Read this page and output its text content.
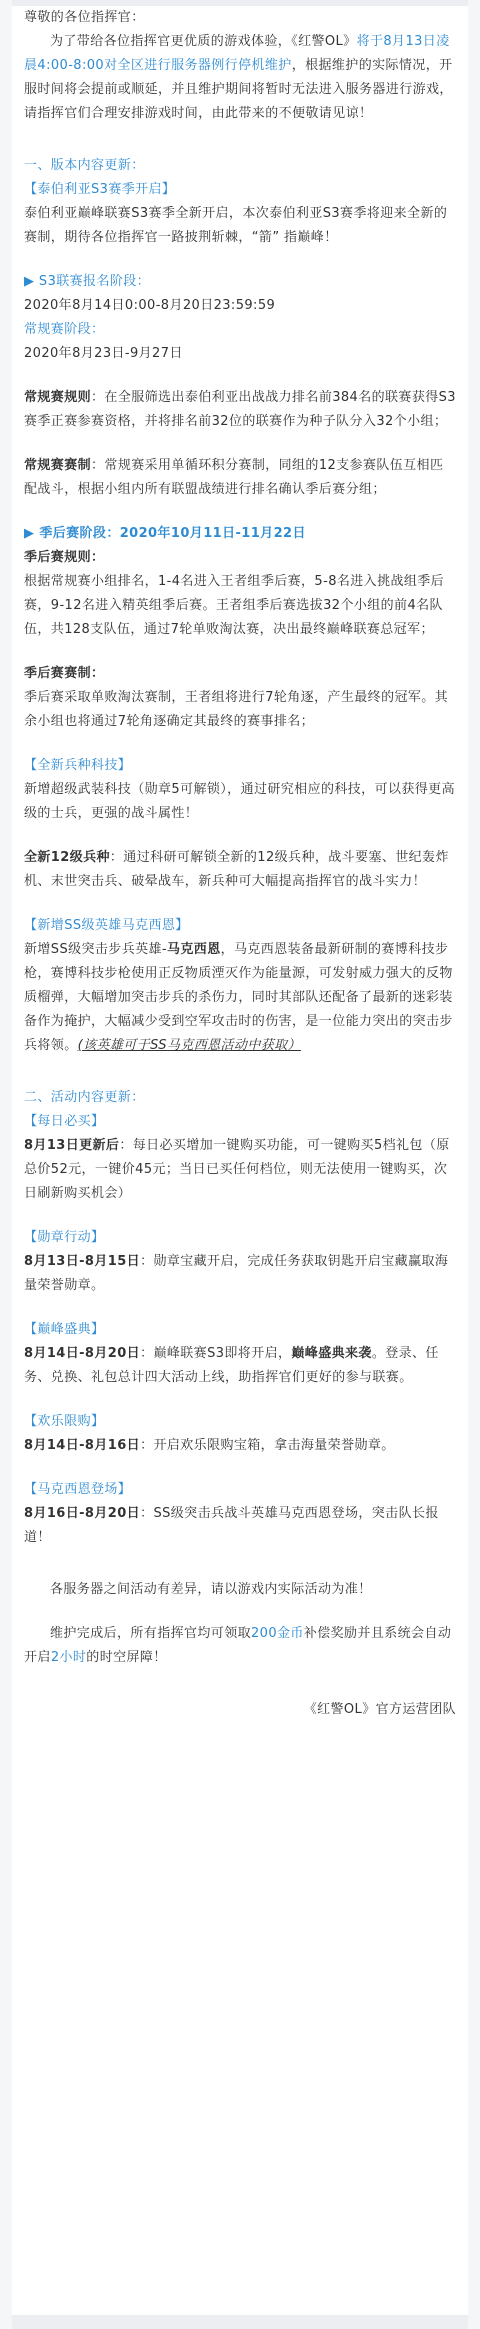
尊敬的各位指挥官：

为了带给各位指挥官更优质的游戏体验，《红警OL》将于8月13日凌晨4:00-8:00对全区进行服务器例行停机维护，根据维护的实际情况，开服时间将会提前或顺延，并且维护期间将暂时无法进入服务器进行游戏，请指挥官们合理安排游戏时间，由此带来的不便敬请见谅！

一、版本内容更新：

【泰伯利亚S3赛季开启】

泰伯利亚巅峰联赛S3赛季全新开启，本次泰伯利亚S3赛季将迎来全新的赛制，期待各位指挥官一路披荆斩棘，“箭” 指巅峰！

▶ S3联赛报名阶段：

2020年8月14日0:00-8月20日23:59:59

常规赛阶段：

2020年8月23日-9月27日

常规赛规则：在全服筛选出泰伯利亚出战战力排名前384名的联赛获得S3赛季正赛参赛资格，并将排名前32位的联赛作为种子队分入32个小组；

常规赛赛制：常规赛采用单循环积分赛制，同组的12支参赛队伍互相匹配战斗，根据小组内所有联盟战绩进行排名确认季后赛分组；

▶ 季后赛阶段：2020年10月11日-11月22日

季后赛规则：

根据常规赛小组排名，1-4名进入王者组季后赛，5-8名进入挑战组季后赛，9-12名进入精英组季后赛。王者组季后赛选拔32个小组的前4名队伍，共128支队伍，通过7轮单败淘汰赛，决出最终巅峰联赛总冠军；

季后赛赛制：

季后赛采取单败淘汰赛制，王者组将进行7轮角逐，产生最终的冠军。其余小组也将通过7轮角逐确定其最终的赛事排名；

【全新兵种科技】

新增超级武装科技（勋章5可解锁），通过研究相应的科技，可以获得更高级的士兵，更强的战斗属性！

全新12级兵种：通过科研可解锁全新的12级兵种，战斗要塞、世纪轰炸机、末世突击兵、破晕战车，新兵种可大幅提高指挥官的战斗实力！

【新增SS级英雄马克西恩】

新增SS级突击步兵英雄-马克西恩，马克西恩装备最新研制的赛博科技步枪，赛博科技步枪使用正反物质湮灭作为能量源，可发射威力强大的反物质榴弹，大幅增加突击步兵的杀伤力，同时其部队还配备了最新的迷彩装备作为掩护，大幅减少受到空军攻击时的伤害，是一位能力突出的突击步兵将领。(该英雄可于SS马克西恩活动中获取）

二、活动内容更新：

【每日必买】

8月13日更新后：每日必买增加一键购买功能，可一键购买5档礼包（原总价52元，一键价45元；当日已买任何档位，则无法使用一键购买，次日刷新购买机会）

【勋章行动】

8月13日-8月15日：勋章宝藏开启，完成任务获取钥匙开启宝藏赢取海量荣誉勋章。

【巅峰盛典】

8月14日-8月20日：巅峰联赛S3即将开启，巅峰盛典来袭。登录、任务、兑换、礼包总计四大活动上线，助指挥官们更好的参与联赛。

【欢乐限购】

8月14日-8月16日：开启欢乐限购宝箱，拿击海量荣誉勋章。

【马克西恩登场】

8月16日-8月20日：SS级突击兵战斗英雄马克西恩登场，突击队长报道！

各服务器之间活动有差异，请以游戏内实际活动为准！

维护完成后，所有指挥官均可领取200金币补偿奖励并且系统会自动开启2小时的时空屏障！

《红警OL》官方运营团队
